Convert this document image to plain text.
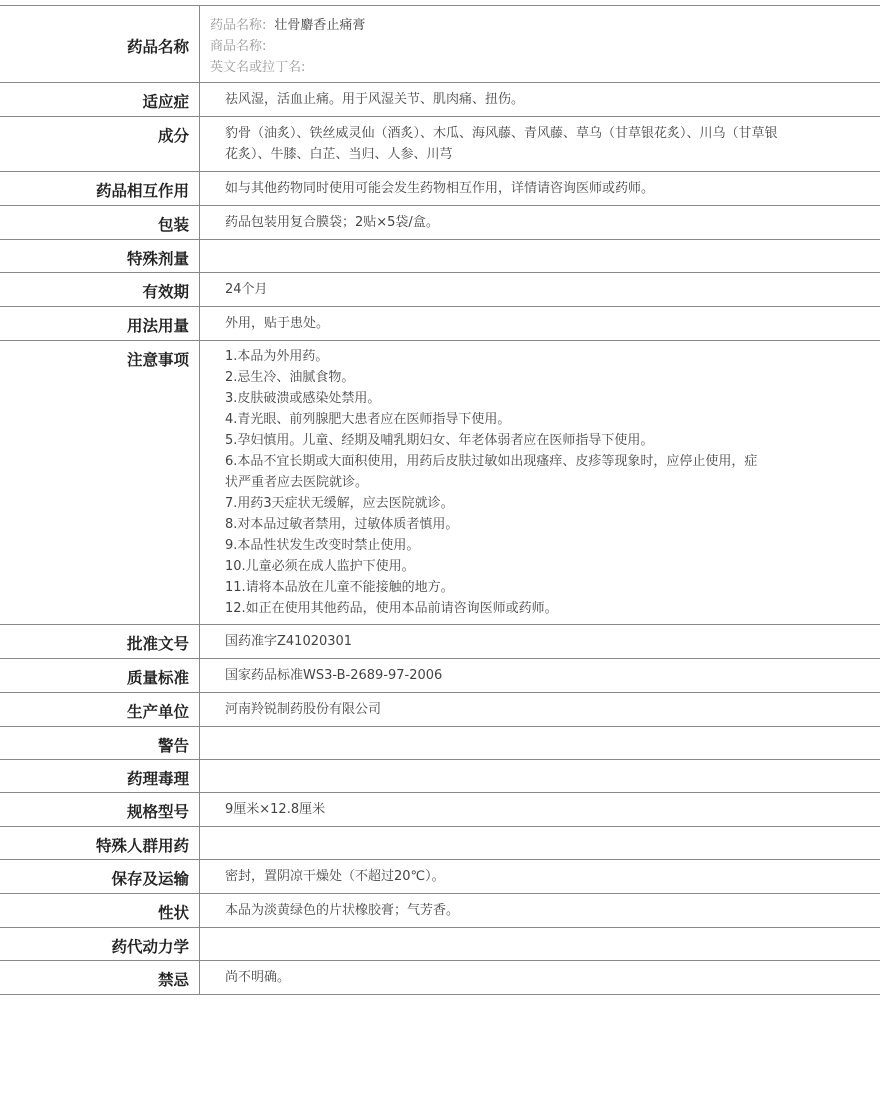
药品名称
药品名称: 壮骨麝香止痛膏
商品名称:
英文名或拉丁名:
适应症	祛风湿，活血止痛。用于风湿关节、肌肉痛、扭伤。
成分	豹骨（油炙）、铁丝威灵仙（酒炙）、木瓜、海风藤、青风藤、草乌（甘草银花炙）、川乌（甘草银花炙）、牛膝、白芷、当归、人参、川芎
药品相互作用	如与其他药物同时使用可能会发生药物相互作用，详情请咨询医师或药师。
包装	药品包装用复合膜袋；2贴×5袋/盒。
特殊剂量
有效期	24个月
用法用量	外用，贴于患处。
注意事项	1.本品为外用药。
2.忌生冷、油腻食物。
3.皮肤破溃或感染处禁用。
4.青光眼、前列腺肥大患者应在医师指导下使用。
5.孕妇慎用。儿童、经期及哺乳期妇女、年老体弱者应在医师指导下使用。
6.本品不宜长期或大面积使用，用药后皮肤过敏如出现瘙痒、皮疹等现象时，应停止使用，症状严重者应去医院就诊。
7.用药3天症状无缓解，应去医院就诊。
8.对本品过敏者禁用，过敏体质者慎用。
9.本品性状发生改变时禁止使用。
10.儿童必须在成人监护下使用。
11.请将本品放在儿童不能接触的地方。
12.如正在使用其他药品，使用本品前请咨询医师或药师。
批准文号	国药准字Z41020301
质量标准	国家药品标准WS3-B-2689-97-2006
生产单位	河南羚锐制药股份有限公司
警告
药理毒理
规格型号	9厘米×12.8厘米
特殊人群用药
保存及运输	密封，置阴凉干燥处（不超过20℃）。
性状	本品为淡黄绿色的片状橡胶膏；气芳香。
药代动力学
禁忌	尚不明确。
